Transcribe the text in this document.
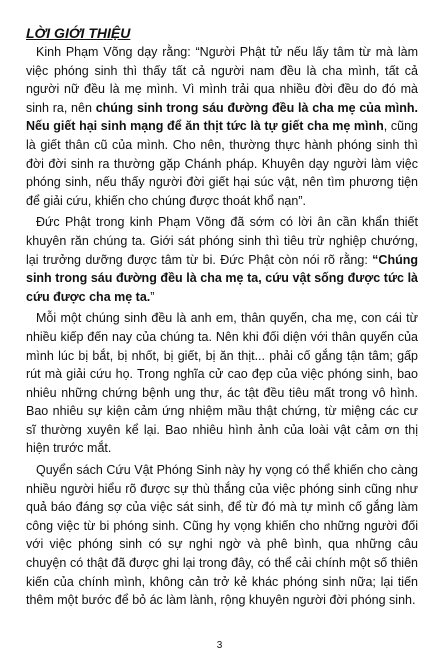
LỜI GIỚI THIỆU

Kinh Phạm Võng dạy rằng: “Người Phật tử nếu lấy tâm từ mà làm việc phóng sinh thì thấy tất cả người nam đều là cha mình, tất cả người nữ đều là mẹ mình. Vì mình trải qua nhiều đời đều do đó mà sinh ra, nên chúng sinh trong sáu đường đều là cha mẹ của mình. Nếu giết hại sinh mạng để ăn thịt tức là tự giết cha mẹ mình, cũng là giết thân cũ của mình. Cho nên, thường thực hành phóng sinh thì đời đời sinh ra thường gặp Chánh pháp. Khuyên dạy người làm việc phóng sinh, nếu thấy người đời giết hại súc vật, nên tìm phương tiện để giải cứu, khiến cho chúng được thoát khổ nạn”.

Đức Phật trong kinh Phạm Võng đã sớm có lời ân cần khẩn thiết khuyên răn chúng ta. Giới sát phóng sinh thì tiêu trừ nghiệp chướng, lại trưởng dưỡng được tâm từ bi. Đức Phật còn nói rõ rằng: “Chúng sinh trong sáu đường đều là cha mẹ ta, cứu vật sống được tức là cứu được cha mẹ ta.”

Mỗi một chúng sinh đều là anh em, thân quyến, cha mẹ, con cái từ nhiều kiếp đến nay của chúng ta. Nên khi đối diện với thân quyến của mình lúc bị bắt, bị nhốt, bị giết, bị ăn thịt... phải cố gắng tận tâm; gấp rút mà giải cứu họ. Trong nghĩa cử cao đẹp của việc phóng sinh, bao nhiêu những chứng bệnh ung thư, ác tật đều tiêu mất trong vô hình. Bao nhiêu sự kiện cảm ứng nhiệm mầu thật chứng, từ miệng các cư sĩ thường xuyên kể lại. Bao nhiêu hình ảnh của loài vật cảm ơn thị hiện trước mắt.

Quyển sách Cứu Vật Phóng Sinh này hy vọng có thể khiến cho càng nhiều người hiểu rõ được sự thù thắng của việc phóng sinh cũng như quả báo đáng sợ của việc sát sinh, để từ đó mà tự mình cố gắng làm công việc từ bi phóng sinh. Cũng hy vọng khiến cho những người đối với việc phóng sinh có sự nghi ngờ và phê bình, qua những câu chuyện có thật đã được ghi lại trong đây, có thể cải chính một số thiên kiến của chính mình, không cản trở kẻ khác phóng sinh nữa; lại tiến thêm một bước để bỏ ác làm lành, rộng khuyên người đời phóng sinh.

3
